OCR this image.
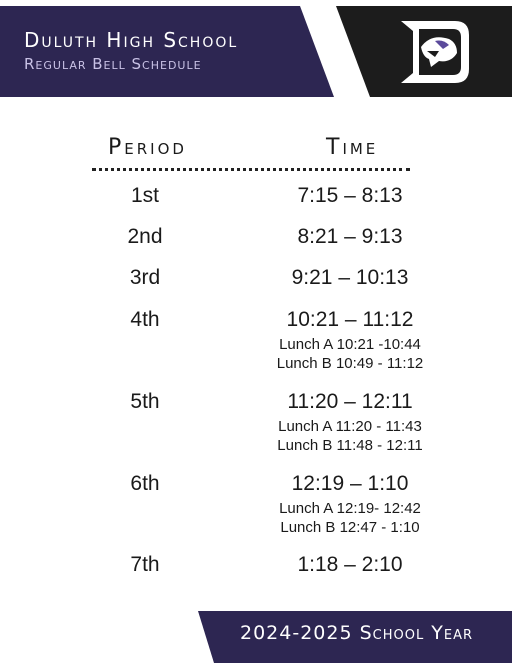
Duluth High School
Regular Bell Schedule
Period	Time
1st	7:15 – 8:13
2nd	8:21 – 9:13
3rd	9:21 – 10:13
4th	10:21 – 11:12
Lunch A 10:21 -10:44
Lunch B 10:49 - 11:12
5th	11:20 – 12:11
Lunch A 11:20 - 11:43
Lunch B 11:48 - 12:11
6th	12:19 – 1:10
Lunch A 12:19- 12:42
Lunch B 12:47 - 1:10
7th	1:18 – 2:10
2024-2025 School Year
